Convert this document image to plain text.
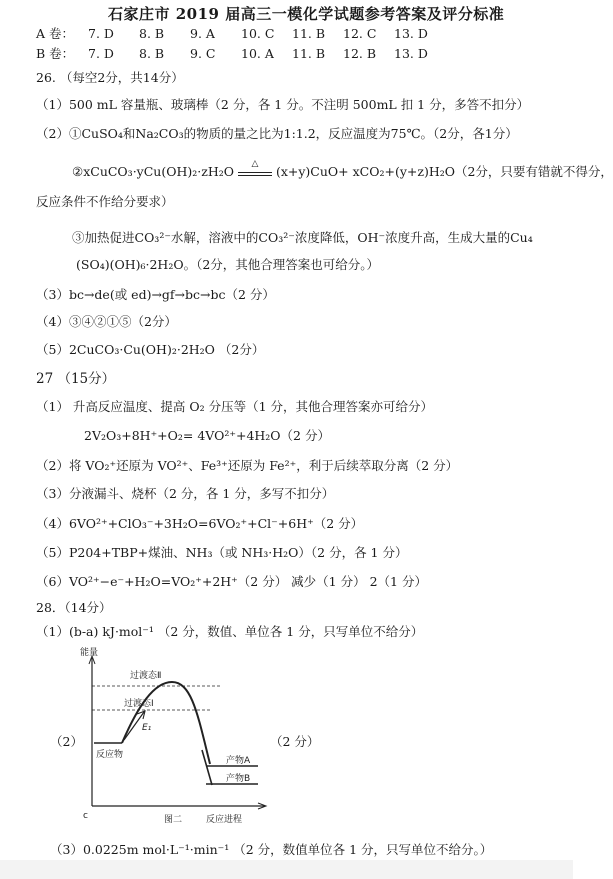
石家庄市 2019 届高三一模化学试题参考答案及评分标准
A 卷： 7. D 8. B 9. A 10. C 11. B 12. C 13. D
B 卷： 7. D 8. B 9. C 10. A 11. B 12. B 13. D
26. （每空2分，共14分）
（1）500 mL 容量瓶、玻璃棒（2 分，各 1 分。不注明 500mL 扣 1 分，多答不扣分）
（2）①CuSO₄和Na₂CO₃的物质的量之比为1:1.2，反应温度为75℃。（2分，各1分）
②xCuCO₃·yCu(OH)₂·zH₂O	△	(x+y)CuO+ xCO₂+(y+z)H₂O（2分，只要有错就不得分，
反应条件不作给分要求）
③加热促进CO₃²⁻水解，溶液中的CO₃²⁻浓度降低，OH⁻浓度升高，生成大量的Cu₄
(SO₄)(OH)₆·2H₂O。（2分，其他合理答案也可给分。）
（3）bc→de(或 ed)→gf→bc→bc（2 分）
（4）③④②①⑤（2分）
（5）2CuCO₃·Cu(OH)₂·2H₂O （2分）
27 （15分）
（1） 升高反应温度、提高 O₂ 分压等（1 分，其他合理答案亦可给分）
2V₂O₃+8H⁺+O₂= 4VO²⁺+4H₂O（2 分）
（2）将 VO₂⁺还原为 VO²⁺、Fe³⁺还原为 Fe²⁺，利于后续萃取分离（2 分）
（3）分液漏斗、烧杯（2 分，各 1 分，多写不扣分）
（4）6VO²⁺+ClO₃⁻+3H₂O=6VO₂⁺+Cl⁻+6H⁺（2 分）
（5）P204+TBP+煤油、NH₃（或 NH₃·H₂O）（2 分，各 1 分）
（6）VO²⁺−e⁻+H₂O=VO₂⁺+2H⁺（2 分） 减少（1 分） 2（1 分）
28．（14分）
（1）(b-a) kJ·mol⁻¹ （2 分，数值、单位各 1 分，只写单位不给分）
（2）	（2 分）
能量
c	反应进程
过渡态Ⅱ
过渡态Ⅰ
E₁
反应物
产物A
产物B
图二
（3）0.0225m mol·L⁻¹·min⁻¹ （2 分，数值单位各 1 分，只写单位不给分。）
